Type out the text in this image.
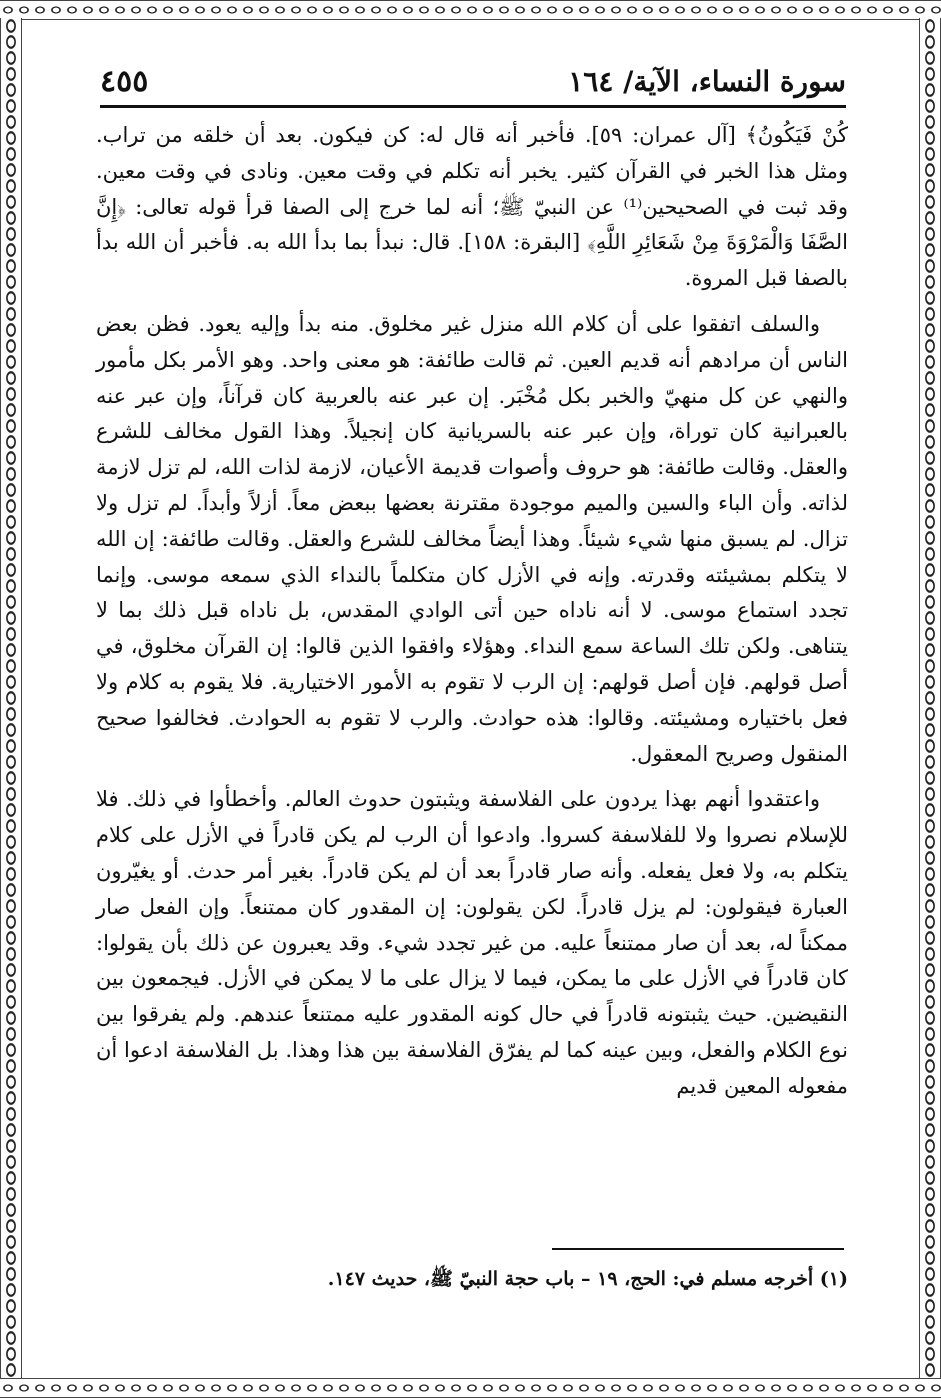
سورة النساء، الآية/ ١٦٤
٤٥٥

كُنْ فَيَكُونُ﴾ [آل عمران: ٥٩]. فأخبر أنه قال له: كن فيكون. بعد أن خلقه من تراب. ومثل هذا الخبر في القرآن كثير. يخبر أنه تكلم في وقت معين. ونادى في وقت معين. وقد ثبت في الصحيحين⁽¹⁾ عن النبيّ ﷺ؛ أنه لما خرج إلى الصفا قرأ قوله تعالى: ﴿إِنَّ الصَّفَا وَالْمَرْوَةَ مِنْ شَعَائِرِ اللَّهِ﴾ [البقرة: ١٥٨]. قال: نبدأ بما بدأ الله به. فأخبر أن الله بدأ بالصفا قبل المروة.

والسلف اتفقوا على أن كلام الله منزل غير مخلوق. منه بدأ وإليه يعود. فظن بعض الناس أن مرادهم أنه قديم العين. ثم قالت طائفة: هو معنى واحد. وهو الأمر بكل مأمور والنهي عن كل منهيّ والخبر بكل مُخْبَر. إن عبر عنه بالعربية كان قرآناً، وإن عبر عنه بالعبرانية كان توراة، وإن عبر عنه بالسريانية كان إنجيلاً. وهذا القول مخالف للشرع والعقل. وقالت طائفة: هو حروف وأصوات قديمة الأعيان، لازمة لذات الله، لم تزل لازمة لذاته. وأن الباء والسين والميم موجودة مقترنة بعضها ببعض معاً. أزلاً وأبداً. لم تزل ولا تزال. لم يسبق منها شيء شيئاً. وهذا أيضاً مخالف للشرع والعقل. وقالت طائفة: إن الله لا يتكلم بمشيئته وقدرته. وإنه في الأزل كان متكلماً بالنداء الذي سمعه موسى. وإنما تجدد استماع موسى. لا أنه ناداه حين أتى الوادي المقدس، بل ناداه قبل ذلك بما لا يتناهى. ولكن تلك الساعة سمع النداء. وهؤلاء وافقوا الذين قالوا: إن القرآن مخلوق، في أصل قولهم. فإن أصل قولهم: إن الرب لا تقوم به الأمور الاختيارية. فلا يقوم به كلام ولا فعل باختياره ومشيئته. وقالوا: هذه حوادث. والرب لا تقوم به الحوادث. فخالفوا صحيح المنقول وصريح المعقول.

واعتقدوا أنهم بهذا يردون على الفلاسفة ويثبتون حدوث العالم. وأخطأوا في ذلك. فلا للإسلام نصروا ولا للفلاسفة كسروا. وادعوا أن الرب لم يكن قادراً في الأزل على كلام يتكلم به، ولا فعل يفعله. وأنه صار قادراً بعد أن لم يكن قادراً. بغير أمر حدث. أو يغيّرون العبارة فيقولون: لم يزل قادراً. لكن يقولون: إن المقدور كان ممتنعاً. وإن الفعل صار ممكناً له، بعد أن صار ممتنعاً عليه. من غير تجدد شيء. وقد يعبرون عن ذلك بأن يقولوا: كان قادراً في الأزل على ما يمكن، فيما لا يزال على ما لا يمكن في الأزل. فيجمعون بين النقيضين. حيث يثبتونه قادراً في حال كونه المقدور عليه ممتنعاً عندهم. ولم يفرقوا بين نوع الكلام والفعل، وبين عينه كما لم يفرّق الفلاسفة بين هذا وهذا. بل الفلاسفة ادعوا أن مفعوله المعين قديم

(١) أخرجه مسلم في: الحج، ١٩ – باب حجة النبيّ ﷺ، حديث ١٤٧.
